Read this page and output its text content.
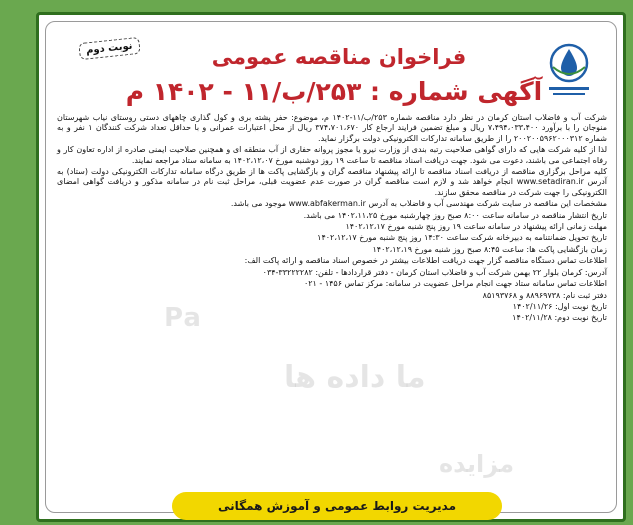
نوبت دوم	فراخوان مناقصه عمومی
آگهی شماره : ۲۵۳/ب/۱۱ - ۱۴۰۲ م
Pa
ما داده ها
مزایده

شرکت آب و فاضلاب استان کرمان در نظر دارد مناقصه شماره ۲۵۳/ب/۱۱-۱۴۰۲ م، موضوع: حفر پشته بری و کول گذاری چاههای دستی روستای نیاب شهرستان منوجان را با برآورد ۷،۴۹۴،۰۳۳،۴۰۰ ریال و مبلغ تضمین فرایند ارجاع کار ۳۷۴،۷۰۱،۶۷۰ ریال از محل اعتبارات عمرانی و با حداقل تعداد شرکت کنندگان ۱ نفر و به شماره ۲۰۰۲۰۰۵۹۶۲۰۰۰۳۱۲ را از طریق سامانه تدارکات الکترونیکی دولت برگزار نماید.

لذا از کلیه شرکت هایی که دارای گواهی صلاحیت رتبه بندی از وزارت نیرو یا مجوز پروانه حفاری از آب منطقه ای و همچنین صلاحیت ایمنی صادره از اداره تعاون کار و رفاه اجتماعی می باشند، دعوت می شود. جهت دریافت اسناد مناقصه تا ساعت ۱۹ روز دوشنبه مورخ ۱۴۰۲،۱۲،۰۷ به سامانه ستاد مراجعه نمایند.

کلیه مراحل برگزاری مناقصه از دریافت اسناد مناقصه تا ارائه پیشنهاد مناقصه گران و بازگشایی پاکت ها از طریق درگاه سامانه تدارکات الکترونیکی دولت (ستاد) به آدرس www.setadiran.ir انجام خواهد شد و لازم است مناقصه گران در صورت عدم عضویت قبلی، مراحل ثبت نام در سامانه مذکور و دریافت گواهی امضای الکترونیکی را جهت شرکت در مناقصه محقق سازند.

مشخصات این مناقصه در سایت شرکت مهندسی آب و فاضلاب به آدرس www.abfakerman.ir موجود می باشد.

تاریخ انتشار مناقصه در سامانه ساعت ۸:۰۰ صبح روز چهارشنبه مورخ ۱۴۰۲،۱۱،۲۵ می باشد.

مهلت زمانی ارائه پیشنهاد در سامانه ساعت ۱۹ روز پنج شنبه مورخ ۱۴۰۲،۱۲،۱۷

تاریخ تحویل ضمانتنامه به دبیرخانه شرکت ساعت ۱۴:۳۰ روز پنج شنبه مورخ ۱۴۰۲،۱۲،۱۷

زمان بازگشایی پاکت ها: ساعت ۸:۴۵ صبح روز شنبه مورخ ۱۴۰۲،۱۲،۱۹

اطلاعات تماس دستگاه مناقصه گزار جهت دریافت اطلاعات بیشتر در خصوص اسناد مناقصه و ارائه پاکت الف:

آدرس: کرمان بلوار ۲۲ بهمن شرکت آب و فاضلاب استان کرمان - دفتر قراردادها - تلفن: ۳۳۲۲۲۲۸۲-۰۳۴

اطلاعات تماس سامانه ستاد جهت انجام مراحل عضویت در سامانه: مرکز تماس ۱۴۵۶ - ۰۲۱

دفتر ثبت نام: ۸۸۹۶۹۷۳۸ و ۸۵۱۹۳۷۶۸

تاریخ نوبت اول: ۱۴۰۲/۱۱/۲۶

تاریخ نوبت دوم: ۱۴۰۲/۱۱/۲۸

مدیریت روابط عمومی و آموزش همگانی
